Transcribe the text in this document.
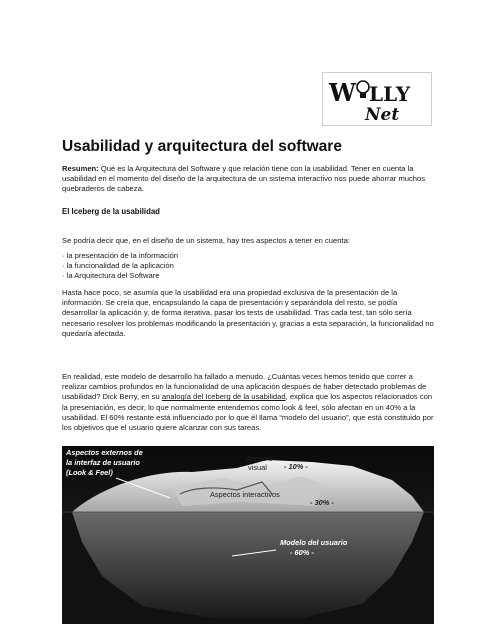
W LLY
Net
Usabilidad y arquitectura del software

Resumen: Qué es la Arquitectura del Software y que relación tiene con la usabilidad. Tener en cuenta la usabilidad en el momento del diseño de la arquitectura de un sistema interactivo nos puede ahorrar muchos quebraderos de cabeza.

El Iceberg de la usabilidad

Se podría decir que, en el diseño de un sistema, hay tres aspectos a tener en cuenta:

· la presentación de la información
· la funcionalidad de la aplicación
· la Arquitectura del Software

Hasta hace poco, se asumía que la usabilidad era una propiedad exclusiva de la presentación de la información. Se creía que, encapsulando la capa de presentación y separándola del resto, se podía desarrollar la aplicación y, de forma iterativa, pasar los tests de usabilidad. Tras cada test, tan sólo sería necesario resolver los problemas modificando la presentación y, gracias a esta separación, la funcionalidad no quedaría afectada.

En realidad, este modelo de desarrollo ha fallado a menudo. ¿Cuántas veces hemos tenido que correr a realizar cambios profundos en la funcionalidad de una aplicación después de haber detectado problemas de usabilidad? Dick Berry, en su analogía del Iceberg de la usabilidad, explica que los aspectos relacionados con la presentación, es decir, lo que normalmente entendemos como look & feel, sólo afectan en un 40% a la usabilidad. El 60% restante está influenciado por lo que él llama “modelo del usuario”, que está constituido por los objetivos que el usuario quiere alcanzar con sus tareas.

Aspectos externos de

la interfaz de usuario

(Look & Feel)

Aspecto

visual - 10% -

Aspectos interactivos

- 30% -

Modelo del usuario

- 60% -
